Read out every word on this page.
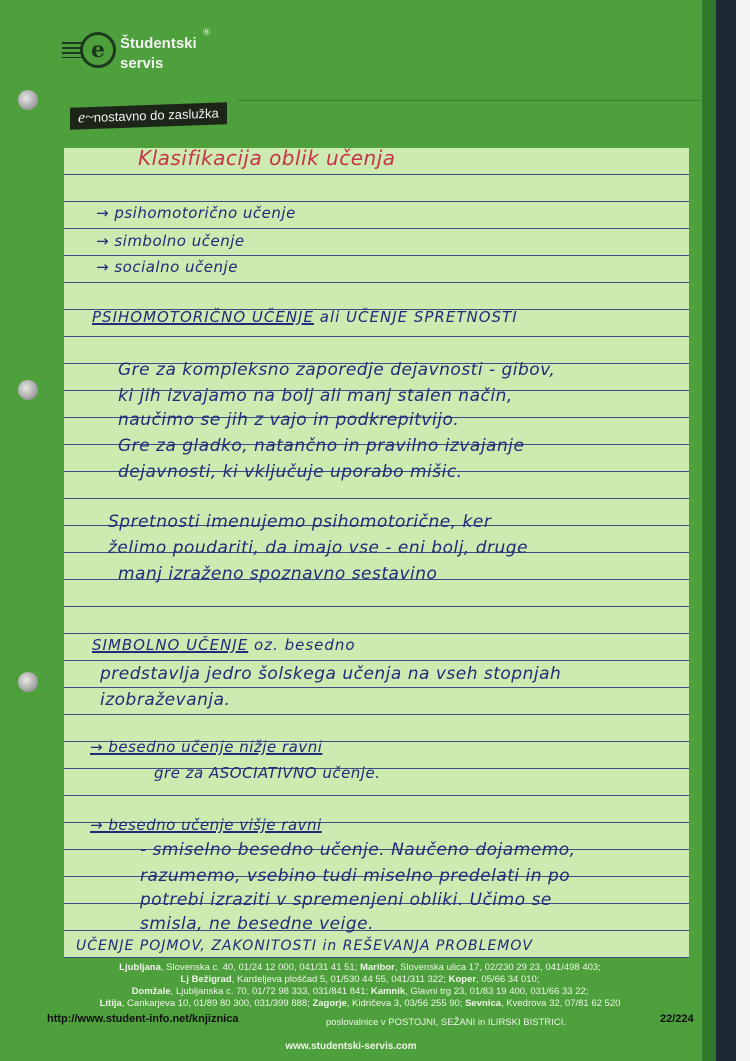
e	Študentski
servis
®
e~nostavno do zaslužka
Klasifikacija oblik učenja
→ psihomotorično učenje
→ simbolno učenje
→ socialno učenje
PSIHOMOTORIČNO UČENJE ali UČENJE SPRETNOSTI
Gre za kompleksno zaporedje dejavnosti - gibov,
ki jih izvajamo na bolj ali manj stalen način,
naučimo se jih z vajo in podkrepitvijo.
Gre za gladko, natančno in pravilno izvajanje
dejavnosti, ki vključuje uporabo mišic.
Spretnosti imenujemo psihomotorične, ker
želimo poudariti, da imajo vse - eni bolj, druge
manj izraženo spoznavno sestavino
SIMBOLNO UČENJE oz. besedno
predstavlja jedro šolskega učenja na vseh stopnjah
izobraževanja.
→ besedno učenje nižje ravni
gre za ASOCIATIVNO učenje.
→ besedno učenje višje ravni
- smiselno besedno učenje. Naučeno dojamemo,
razumemo, vsebino tudi miselno predelati in po
potrebi izraziti v spremenjeni obliki. Učimo se
smisla, ne besedne veige.
UČENJE POJMOV, ZAKONITOSTI in REŠEVANJA PROBLEMOV
Ljubljana, Slovenska c. 40, 01/24 12 000, 041/31 41 51; Maribor, Slovenska ulica 17, 02/230 29 23, 041/498 403;
Lj Bežigrad, Kardeljeva ploščad 5, 01/530 44 55, 041/311 322; Koper, 05/66 34 010;
Domžale, Ljubljanska c. 70, 01/72 98 333, 031/841 841; Kamnik, Glavni trg 23, 01/83 19 400, 031/66 33 22;
Litija, Cankarjeva 10, 01/89 80 300, 031/399 888; Zagorje, Kidričeva 3, 03/56 255 90; Sevnica, Kvedrova 32, 07/81 62 520
poslovalnice v POSTOJNI, SEŽANI in ILIRSKI BISTRICI.
http://www.student-info.net/knjiznica	22/224
www.studentski-servis.com
